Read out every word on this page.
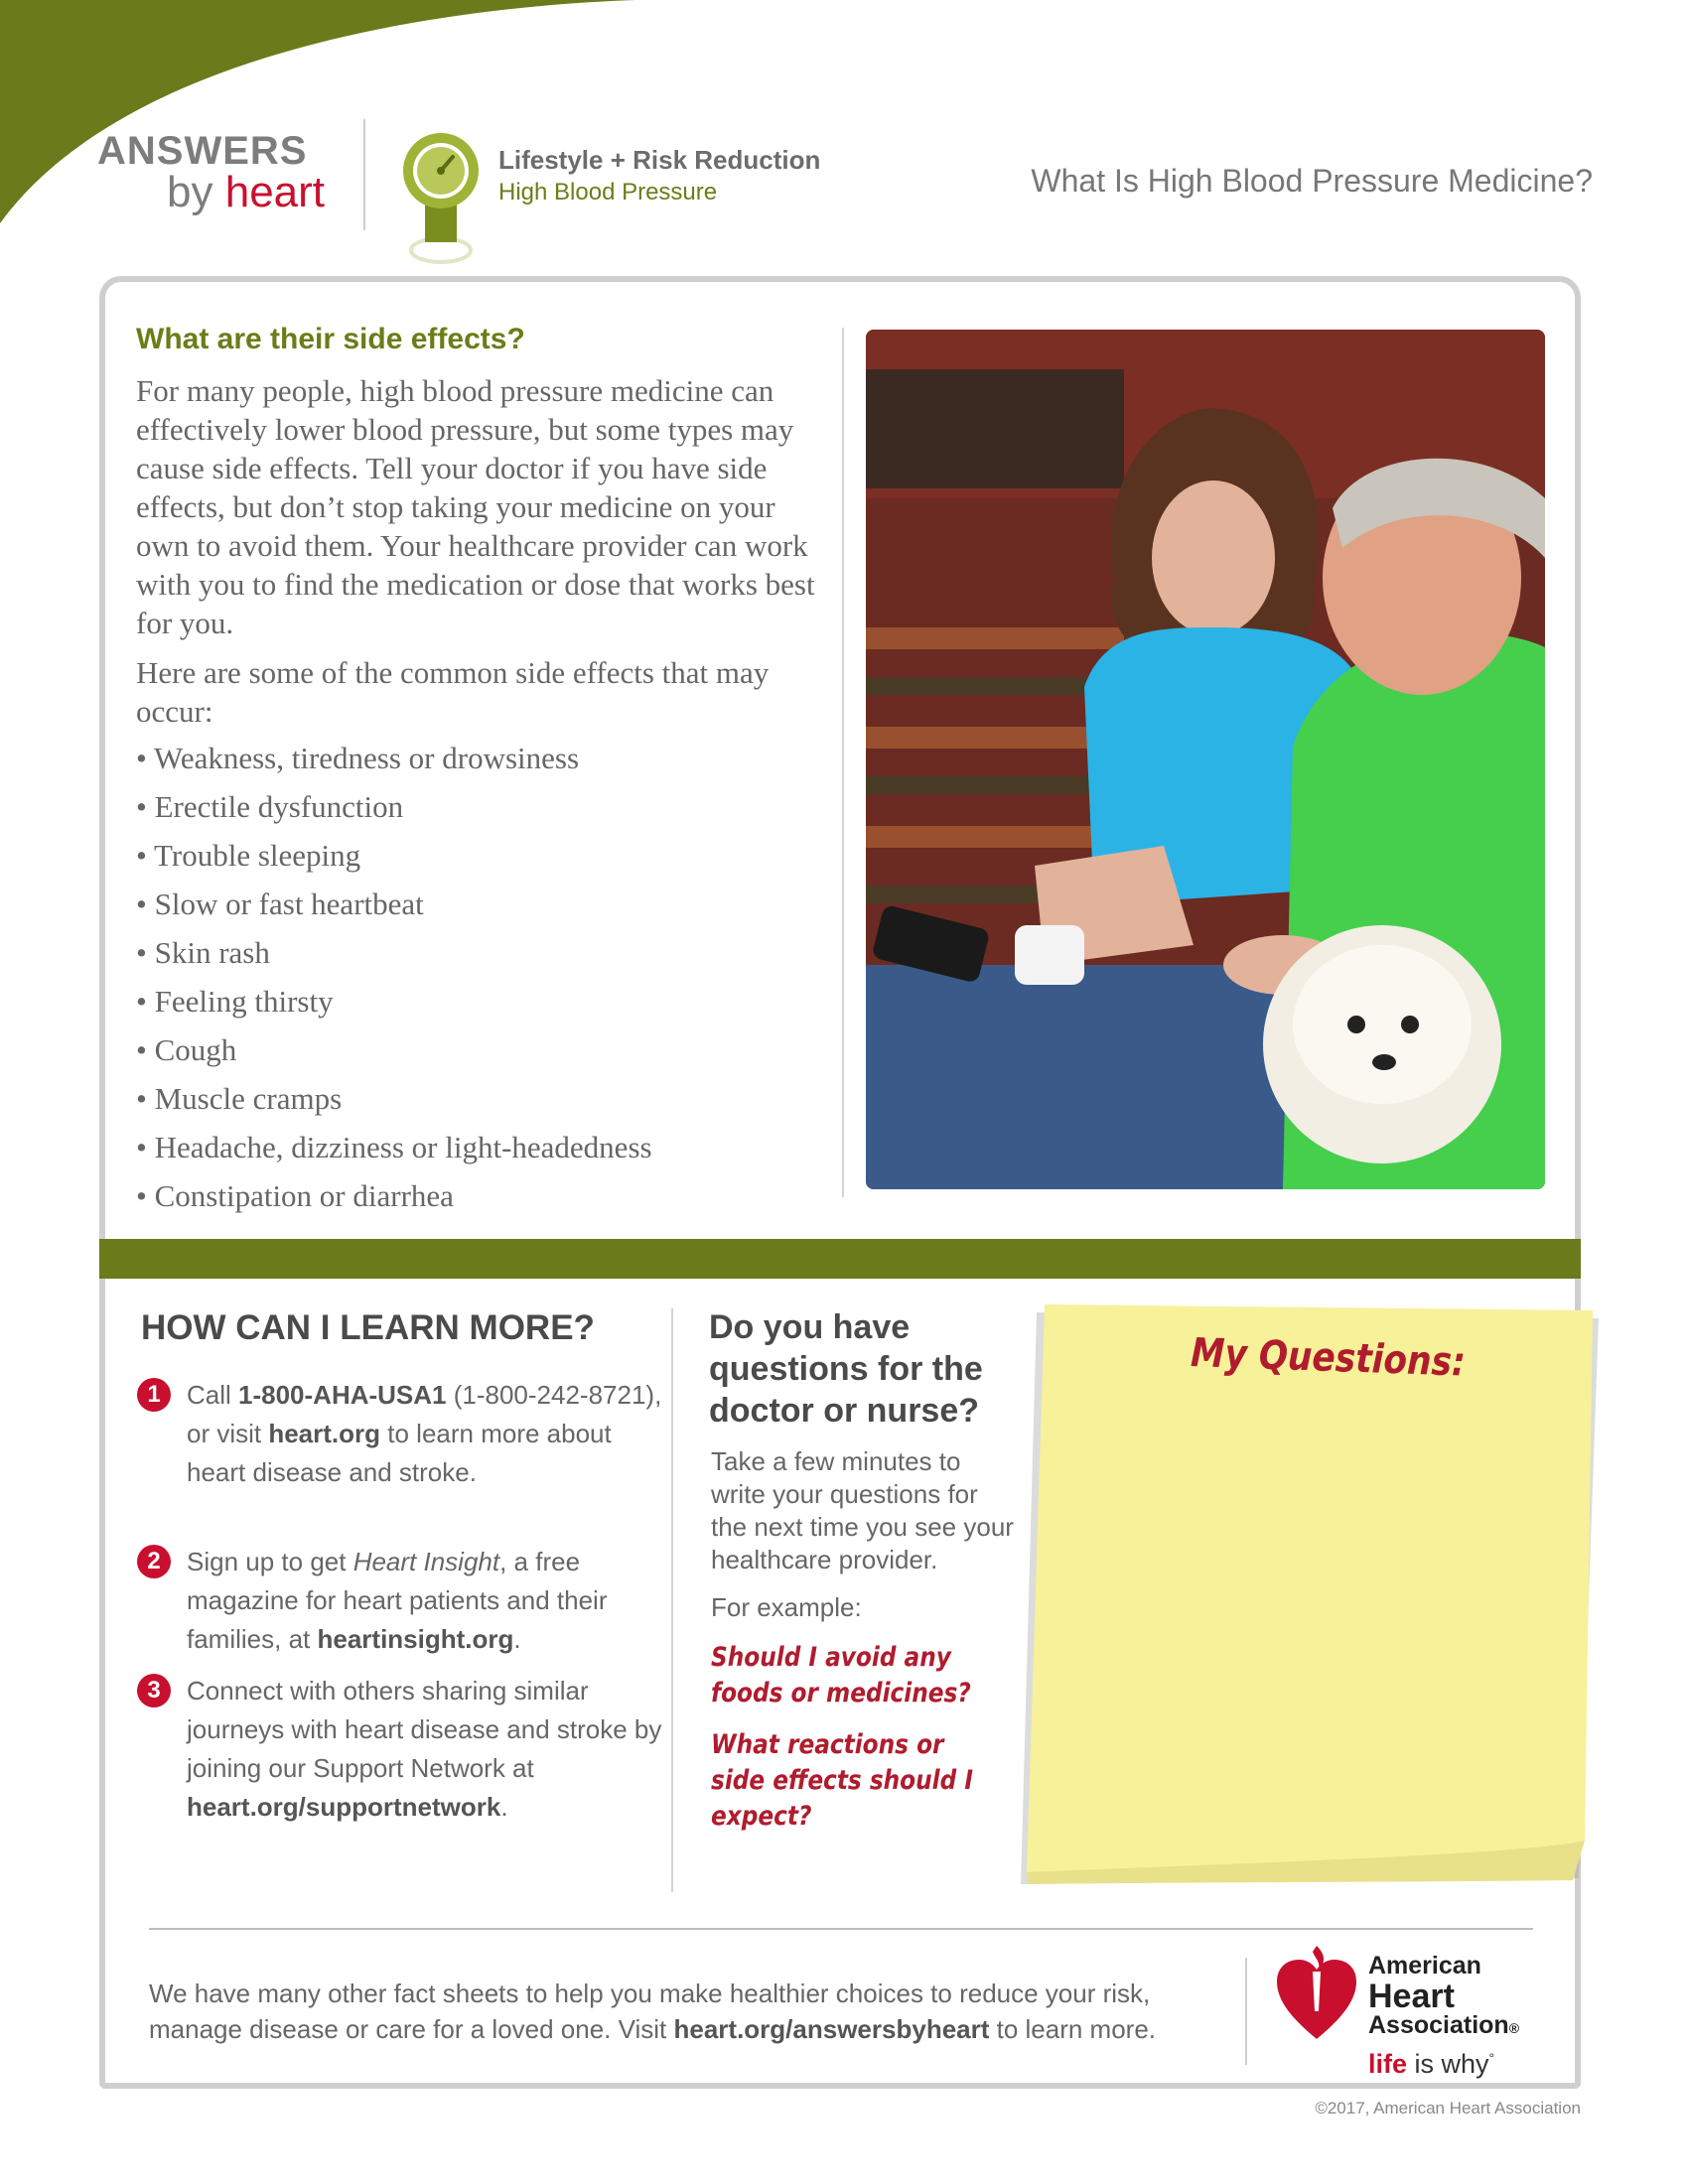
ANSWERS
by heart
Lifestyle + Risk Reduction
High Blood Pressure	What Is High Blood Pressure Medicine?
What are their side effects?
For many people, high blood pressure medicine can effectively lower blood pressure, but some types may cause side effects. Tell your doctor if you have side effects, but don’t stop taking your medicine on your own to avoid them. Your healthcare provider can work with you to find the medication or dose that works best for you.
Here are some of the common side effects that may occur:
• Weakness, tiredness or drowsiness
• Erectile dysfunction
• Trouble sleeping
• Slow or fast heartbeat
• Skin rash
• Feeling thirsty
• Cough
• Muscle cramps
• Headache, dizziness or light-headedness
• Constipation or diarrhea
HOW CAN I LEARN MORE?
1	Call 1-800-AHA-USA1 (1-800-242-8721), or visit heart.org to learn more about heart disease and stroke.
2	Sign up to get Heart Insight, a free magazine for heart patients and their families, at heartinsight.org.
3	Connect with others sharing similar journeys with heart disease and stroke by joining our Support Network at heart.org/supportnetwork.
Do you have questions for the doctor or nurse?
Take a few minutes to write your questions for the next time you see your healthcare provider.
For example:
Should I avoid any foods or medicines?
What reactions or side effects should I expect?
My Questions:
We have many other fact sheets to help you make healthier choices to reduce your risk, manage disease or care for a loved one. Visit heart.org/answersbyheart to learn more.
American
Heart
Association®
life is why°
©2017, American Heart Association
